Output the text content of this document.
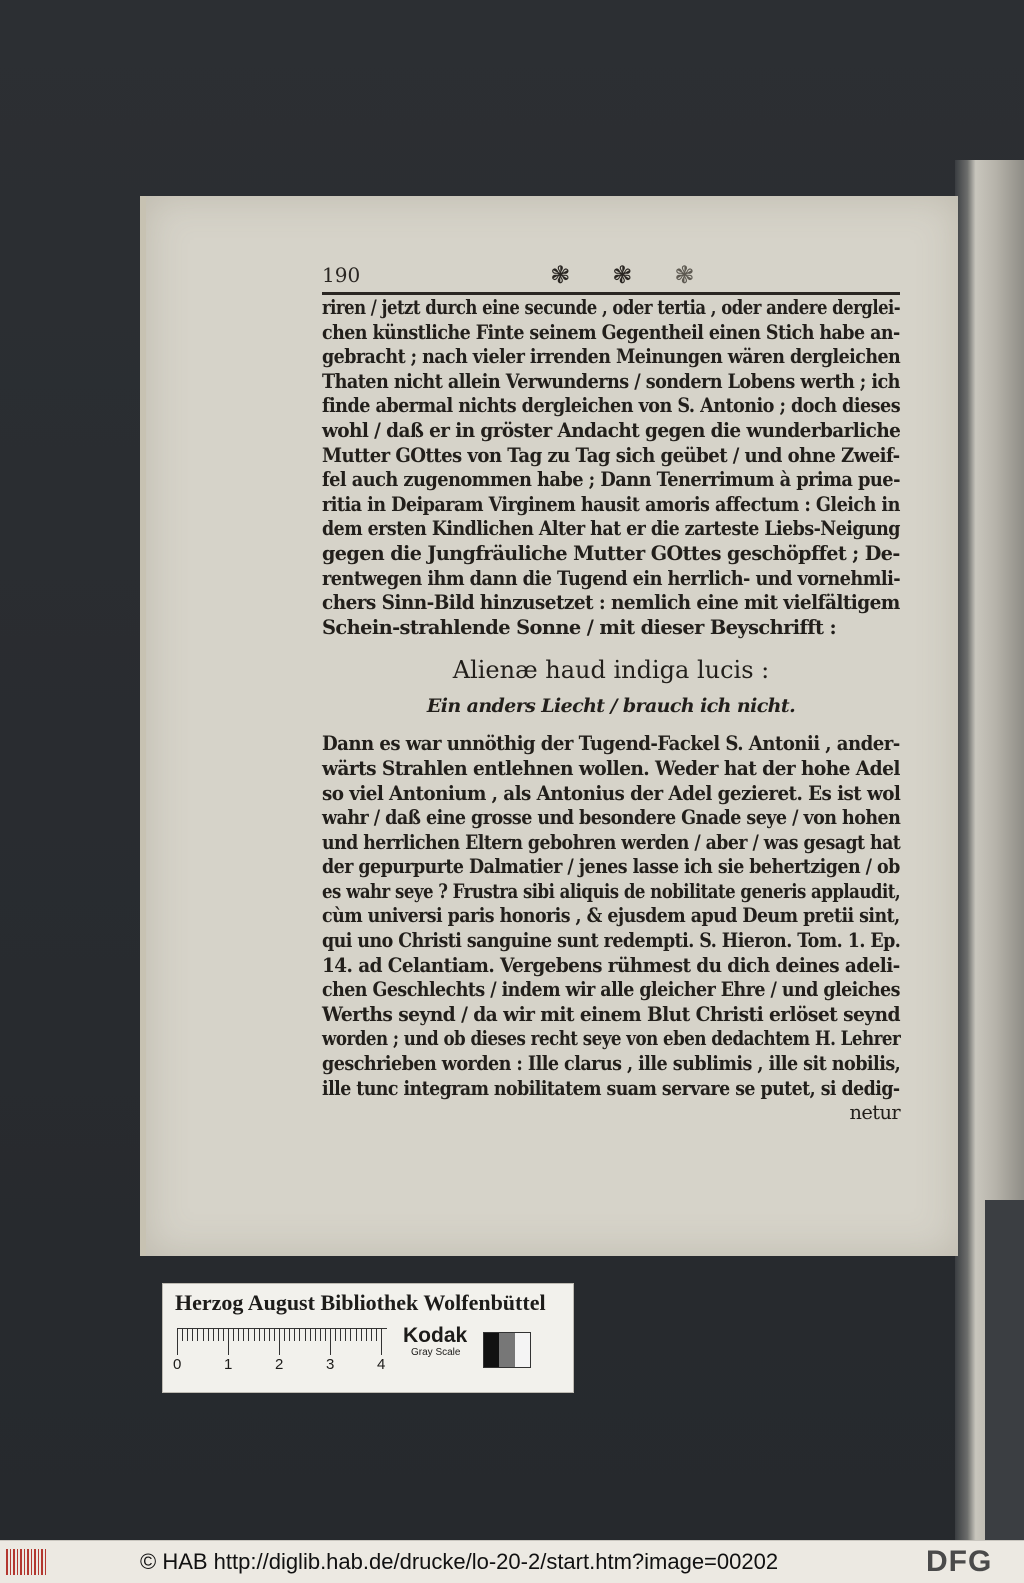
190	❃ ❃ ❃
riren / jetzt durch eine secunde , oder tertia , oder andere derglei-
chen künstliche Finte seinem Gegentheil einen Stich habe an-
gebracht ; nach vieler irrenden Meinungen wären dergleichen
Thaten nicht allein Verwunderns / sondern Lobens werth ; ich
finde abermal nichts dergleichen von S. Antonio ; doch dieses
wohl / daß er in gröster Andacht gegen die wunderbarliche
Mutter GOttes von Tag zu Tag sich geübet / und ohne Zweif-
fel auch zugenommen habe ; Dann Tenerrimum à prima pue-
ritia in Deiparam Virginem hausit amoris affectum : Gleich in
dem ersten Kindlichen Alter hat er die zarteste Liebs-Neigung
gegen die Jungfräuliche Mutter GOttes geschöpffet ; De-
rentwegen ihm dann die Tugend ein herrlich- und vornehmli-
chers Sinn-Bild hinzusetzet : nemlich eine mit vielfältigem
Schein-strahlende Sonne / mit dieser Beyschrifft :
Alienæ haud indiga lucis :
Ein anders Liecht / brauch ich nicht.
Dann es war unnöthig der Tugend-Fackel S. Antonii , ander-
wärts Strahlen entlehnen wollen. Weder hat der hohe Adel
so viel Antonium , als Antonius der Adel gezieret. Es ist wol
wahr / daß eine grosse und besondere Gnade seye / von hohen
und herrlichen Eltern gebohren werden / aber / was gesagt hat
der gepurpurte Dalmatier / jenes lasse ich sie behertzigen / ob
es wahr seye ? Frustra sibi aliquis de nobilitate generis applaudit,
cùm universi paris honoris , & ejusdem apud Deum pretii sint,
qui uno Christi sanguine sunt redempti. S. Hieron. Tom. 1. Ep.
14. ad Celantiam. Vergebens rühmest du dich deines adeli-
chen Geschlechts / indem wir alle gleicher Ehre / und gleiches
Werths seynd / da wir mit einem Blut Christi erlöset seynd
worden ; und ob dieses recht seye von eben dedachtem H. Lehrer
geschrieben worden : Ille clarus , ille sublimis , ille sit nobilis,
ille tunc integram nobilitatem suam servare se putet, si dedig-
netur
Herzog August Bibliothek Wolfenbüttel
0	1	2	3	4
Kodak
Gray Scale
© HAB http://diglib.hab.de/drucke/lo-20-2/start.htm?image=00202	DFG
